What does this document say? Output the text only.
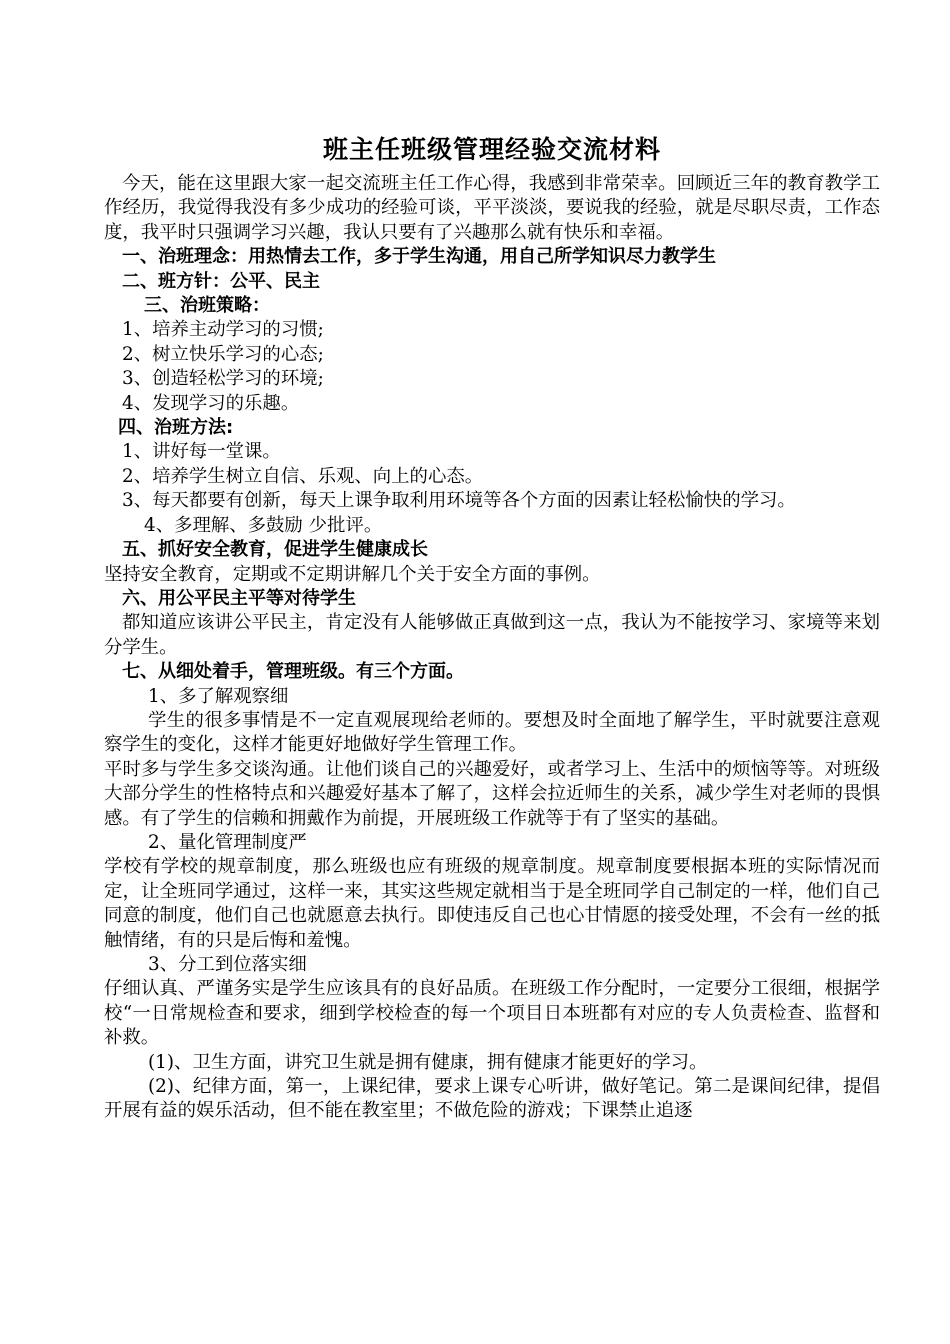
班主任班级管理经验交流材料

今天，能在这里跟大家一起交流班主任工作心得，我感到非常荣幸。回顾近三年的教育教学工作经历，我觉得我没有多少成功的经验可谈，平平淡淡，要说我的经验，就是尽职尽责，工作态度，我平时只强调学习兴趣，我认只要有了兴趣那么就有快乐和幸福。

一、治班理念：用热情去工作，多于学生沟通，用自己所学知识尽力教学生

二、班方针：公平、民主

三、治班策略：

1、培养主动学习的习惯;

2、树立快乐学习的心态;

3、创造轻松学习的环境;

4、发现学习的乐趣。

四、治班方法:

1、讲好每一堂课。

2、培养学生树立自信、乐观、向上的心态。

3、每天都要有创新，每天上课争取利用环境等各个方面的因素让轻松愉快的学习。

4、多理解、多鼓励 少批评。

五、抓好安全教育，促进学生健康成长

坚持安全教育，定期或不定期讲解几个关于安全方面的事例。

六、用公平民主平等对待学生

都知道应该讲公平民主，肯定没有人能够做正真做到这一点，我认为不能按学习、家境等来划分学生。

七、从细处着手，管理班级。有三个方面。

1、多了解观察细

学生的很多事情是不一定直观展现给老师的。要想及时全面地了解学生，平时就要注意观察学生的变化，这样才能更好地做好学生管理工作。

平时多与学生多交谈沟通。让他们谈自己的兴趣爱好，或者学习上、生活中的烦恼等等。对班级大部分学生的性格特点和兴趣爱好基本了解了，这样会拉近师生的关系，减少学生对老师的畏惧感。有了学生的信赖和拥戴作为前提，开展班级工作就等于有了坚实的基础。

2、量化管理制度严

学校有学校的规章制度，那么班级也应有班级的规章制度。规章制度要根据本班的实际情况而定，让全班同学通过，这样一来，其实这些规定就相当于是全班同学自己制定的一样，他们自己同意的制度，他们自己也就愿意去执行。即使违反自己也心甘情愿的接受处理，不会有一丝的抵触情绪，有的只是后悔和羞愧。

3、分工到位落实细

仔细认真、严谨务实是学生应该具有的良好品质。在班级工作分配时，一定要分工很细，根据学校“一日常规检查和要求，细到学校检查的每一个项目日本班都有对应的专人负责检查、监督和补救。

(1)、卫生方面，讲究卫生就是拥有健康，拥有健康才能更好的学习。

(2)、纪律方面，第一，上课纪律，要求上课专心听讲，做好笔记。第二是课间纪律，提倡开展有益的娱乐活动，但不能在教室里；不做危险的游戏；下课禁止追逐
